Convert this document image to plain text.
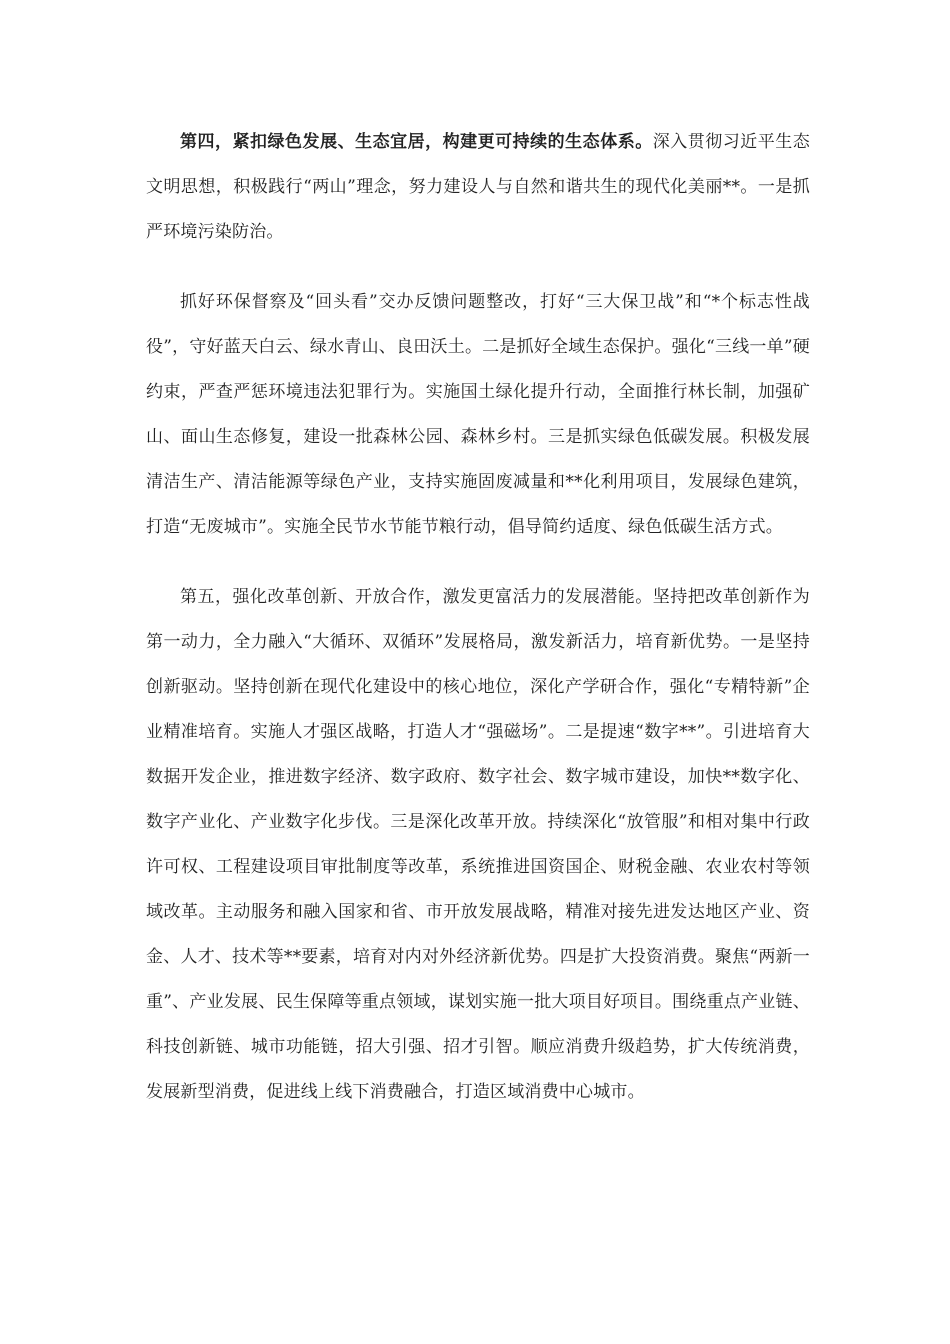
第四，紧扣绿色发展、生态宜居，构建更可持续的生态体系。深入贯彻习近平生态　文明思想，积极践行“两山”理念，努力建设人与自然和谐共生的现代化美丽**。一是抓严环境污染防治。

抓好环保督察及“回头看”交办反馈问题整改，打好“三大保卫战”和“*个标志性战役”，守好蓝天白云、绿水青山、良田沃土。二是抓好全域生态保护。强化“三线一单”硬约束，严查严惩环境违法犯罪行为。实施国土绿化提升行动，全面推行林长制，加强矿山、面山生态修复，建设一批森林公园、森林乡村。三是抓实绿色低碳发展。积极发展清洁生产、清洁能源等绿色产业，支持实施固废减量和**化利用项目，发展绿色建筑，打造“无废城市”。实施全民节水节能节粮行动，倡导简约适度、绿色低碳生活方式。

第五，强化改革创新、开放合作，激发更富活力的发展潜能。坚持把改革创新作为第一动力，全力融入“大循环、双循环”发展格局，激发新活力，培育新优势。一是坚持创新驱动。坚持创新在现代化建设中的核心地位，深化产学研合作，强化“专精特新”企业精准培育。实施人才强区战略，打造人才“强磁场”。二是提速“数字**”。引进培育大数据开发企业，推进数字经济、数字政府、数字社会、数字城市建设，加快**数字化、数字产业化、产业数字化步伐。三是深化改革开放。持续深化“放管服”和相对集中行政许可权、工程建设项目审批制度等改革，系统推进国资国企、财税金融、农业农村等领域改革。主动服务和融入国家和省、市开放发展战略，精准对接先进发达地区产业、资金、人才、技术等**要素，培育对内对外经济新优势。四是扩大投资消费。聚焦“两新一重”、产业发展、民生保障等重点领域，谋划实施一批大项目好项目。围绕重点产业链、科技创新链、城市功能链，招大引强、招才引智。顺应消费升级趋势，扩大传统消费，发展新型消费，促进线上线下消费融合，打造区域消费中心城市。
